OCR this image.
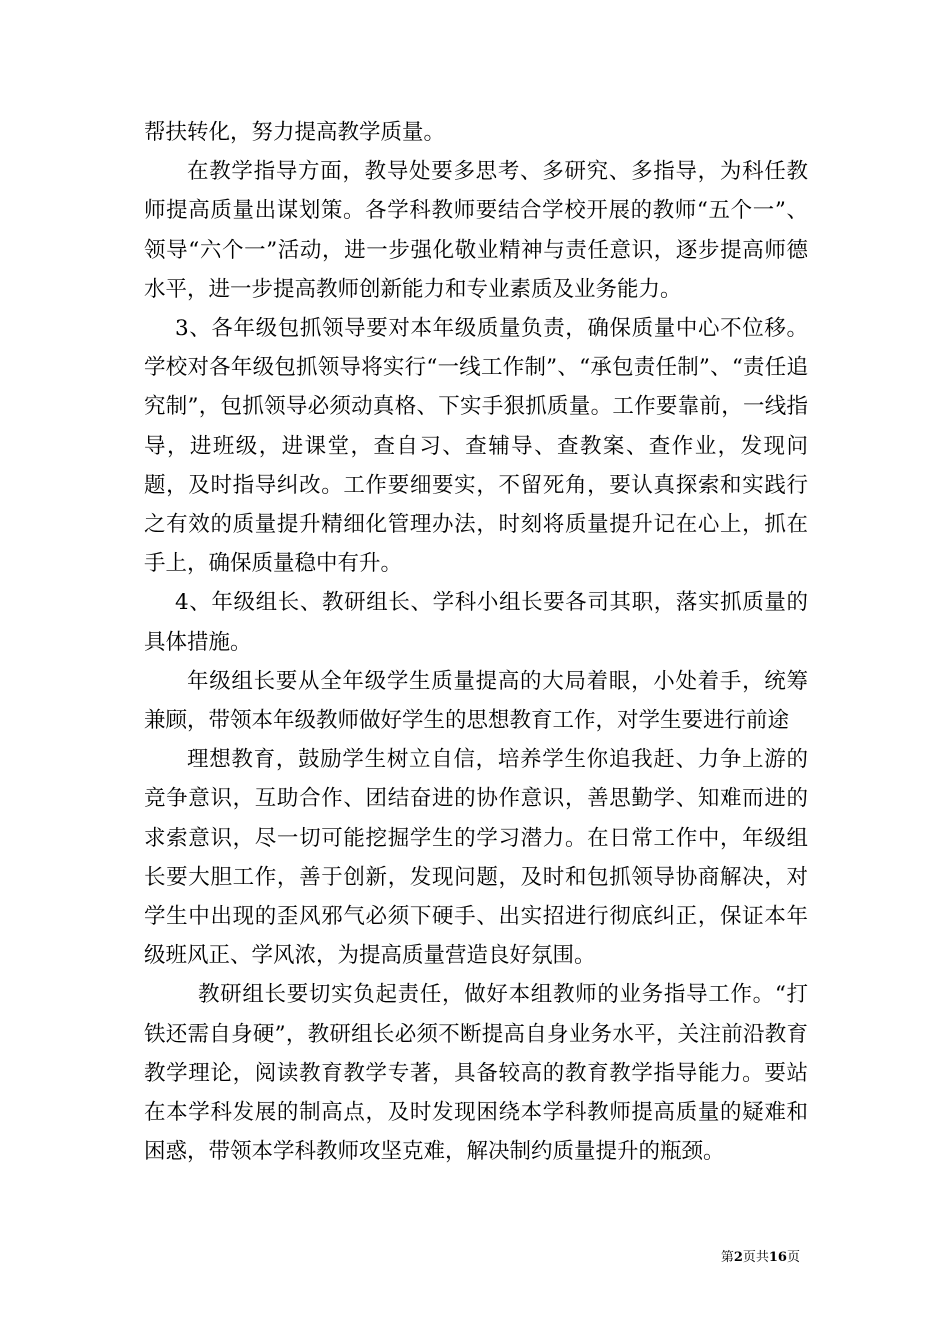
帮扶转化，努力提高教学质量。

在教学指导方面，教导处要多思考、多研究、多指导，为科任教师提高质量出谋划策。各学科教师要结合学校开展的教师“五个一”、领导“六个一”活动，进一步强化敬业精神与责任意识，逐步提高师德水平，进一步提高教师创新能力和专业素质及业务能力。

3、各年级包抓领导要对本年级质量负责，确保质量中心不位移。学校对各年级包抓领导将实行“一线工作制”、“承包责任制”、“责任追究制”，包抓领导必须动真格、下实手狠抓质量。工作要靠前，一线指导，进班级，进课堂，查自习、查辅导、查教案、查作业，发现问题，及时指导纠改。工作要细要实，不留死角，要认真探索和实践行之有效的质量提升精细化管理办法，时刻将质量提升记在心上，抓在手上，确保质量稳中有升。

4、年级组长、教研组长、学科小组长要各司其职，落实抓质量的具体措施。

年级组长要从全年级学生质量提高的大局着眼，小处着手，统筹兼顾，带领本年级教师做好学生的思想教育工作，对学生要进行前途

理想教育，鼓励学生树立自信，培养学生你追我赶、力争上游的竞争意识，互助合作、团结奋进的协作意识，善思勤学、知难而进的求索意识，尽一切可能挖掘学生的学习潜力。在日常工作中，年级组长要大胆工作，善于创新，发现问题，及时和包抓领导协商解决，对学生中出现的歪风邪气必须下硬手、出实招进行彻底纠正，保证本年级班风正、学风浓，为提高质量营造良好氛围。

教研组长要切实负起责任，做好本组教师的业务指导工作。“打铁还需自身硬”，教研组长必须不断提高自身业务水平，关注前沿教育教学理论，阅读教育教学专著，具备较高的教育教学指导能力。要站在本学科发展的制高点，及时发现困绕本学科教师提高质量的疑难和困惑，带领本学科教师攻坚克难，解决制约质量提升的瓶颈。

第2页共16页
